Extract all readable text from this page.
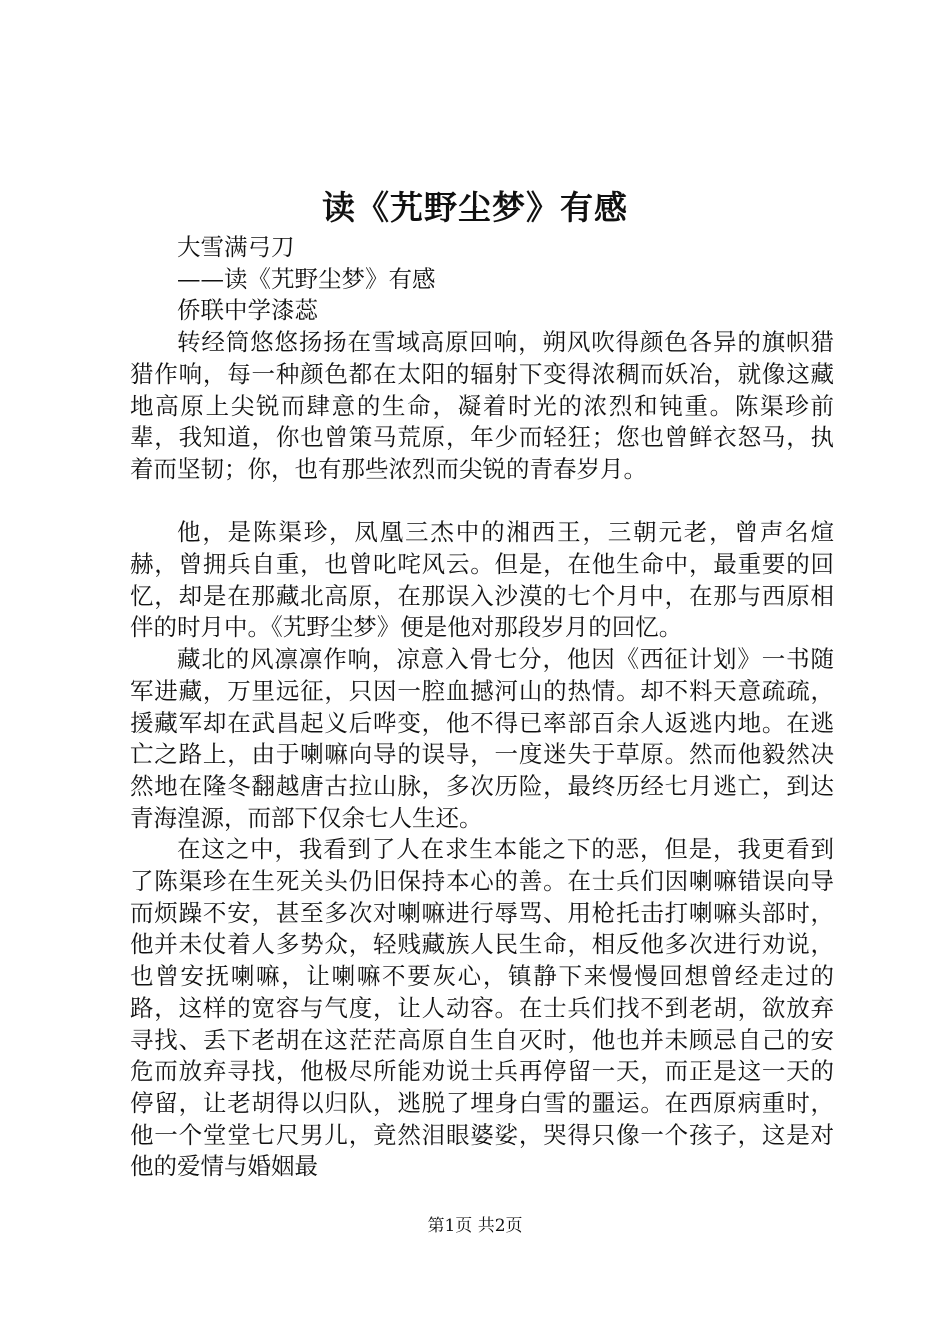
读《艽野尘梦》有感

大雪满弓刀

——读《艽野尘梦》有感

侨联中学漆蕊

转经筒悠悠扬扬在雪域高原回响，朔风吹得颜色各异的旗帜猎猎作响，每一种颜色都在太阳的辐射下变得浓稠而妖冶，就像这藏地高原上尖锐而肆意的生命，凝着时光的浓烈和钝重。陈渠珍前辈，我知道，你也曾策马荒原，年少而轻狂；您也曾鲜衣怒马，执着而坚韧；你，也有那些浓烈而尖锐的青春岁月。

他，是陈渠珍，凤凰三杰中的湘西王，三朝元老，曾声名煊赫，曾拥兵自重，也曾叱咤风云。但是，在他生命中，最重要的回忆，却是在那藏北高原，在那误入沙漠的七个月中，在那与西原相伴的时月中。《艽野尘梦》便是他对那段岁月的回忆。

藏北的风凛凛作响，凉意入骨七分，他因《西征计划》一书随军进藏，万里远征，只因一腔血撼河山的热情。却不料天意疏疏，援藏军却在武昌起义后哗变，他不得已率部百余人返逃内地。在逃亡之路上，由于喇嘛向导的误导，一度迷失于草原。然而他毅然决然地在隆冬翻越唐古拉山脉，多次历险，最终历经七月逃亡，到达青海湟源，而部下仅余七人生还。

在这之中，我看到了人在求生本能之下的恶，但是，我更看到了陈渠珍在生死关头仍旧保持本心的善。在士兵们因喇嘛错误向导而烦躁不安，甚至多次对喇嘛进行辱骂、用枪托击打喇嘛头部时，他并未仗着人多势众，轻贱藏族人民生命，相反他多次进行劝说，也曾安抚喇嘛，让喇嘛不要灰心，镇静下来慢慢回想曾经走过的路，这样的宽容与气度，让人动容。在士兵们找不到老胡，欲放弃寻找、丢下老胡在这茫茫高原自生自灭时，他也并未顾忌自己的安危而放弃寻找，他极尽所能劝说士兵再停留一天，而正是这一天的停留，让老胡得以归队，逃脱了埋身白雪的噩运。在西原病重时，他一个堂堂七尺男儿，竟然泪眼婆娑，哭得只像一个孩子，这是对他的爱情与婚姻最

第1页 共2页
